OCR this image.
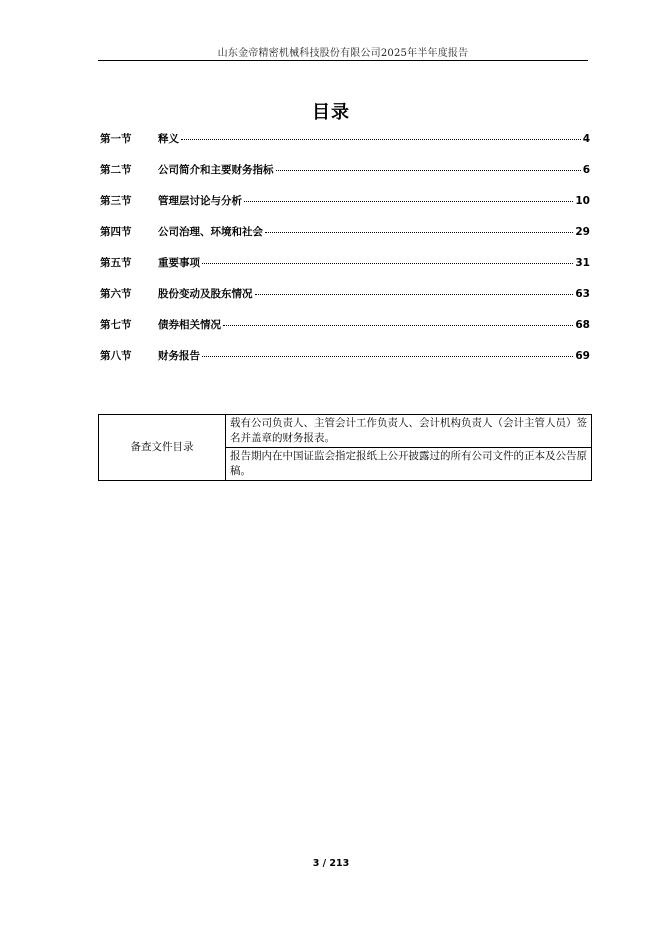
山东金帝精密机械科技股份有限公司2025年半年度报告
目录
第一节	释义	4
第二节	公司简介和主要财务指标	6
第三节	管理层讨论与分析	10
第四节	公司治理、环境和社会	29
第五节	重要事项	31
第六节	股份变动及股东情况	63
第七节	债券相关情况	68
第八节	财务报告	69
备查文件目录	载有公司负责人、主管会计工作负责人、会计机构负责人（会计主管人员）签名并盖章的财务报表。
报告期内在中国证监会指定报纸上公开披露过的所有公司文件的正本及公告原稿。
3 / 213
